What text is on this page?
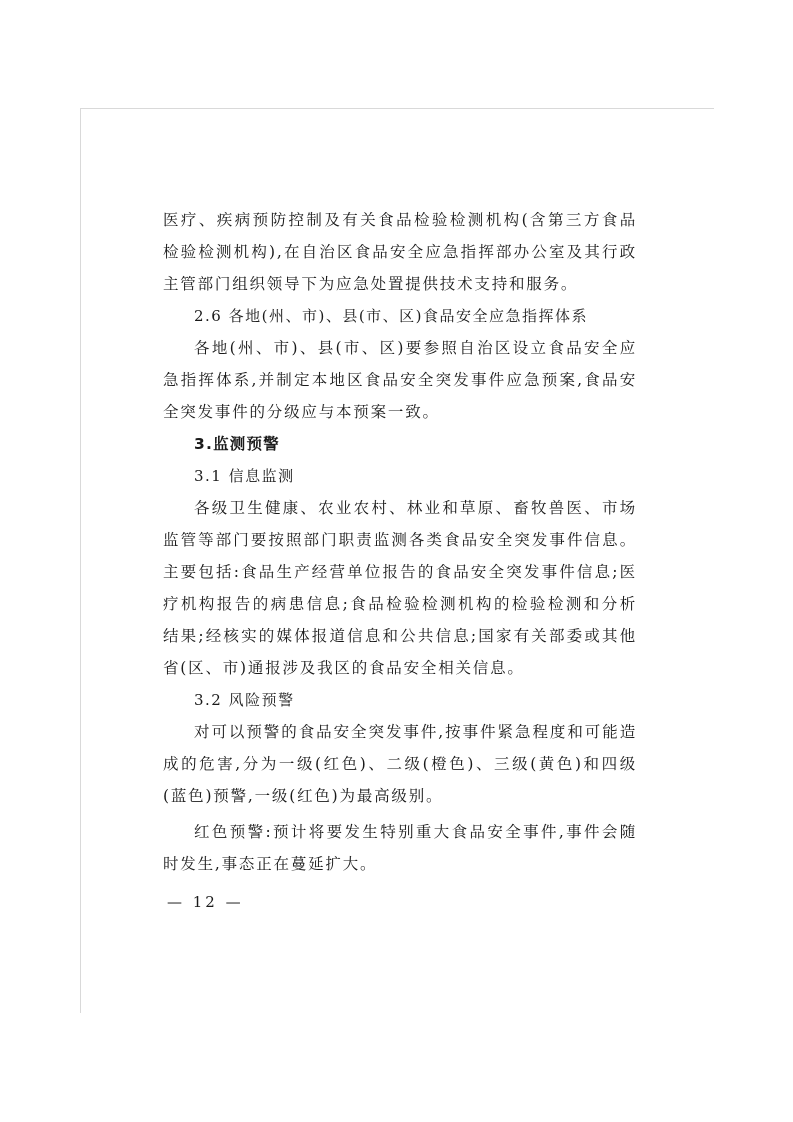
医疗、疾病预防控制及有关食品检验检测机构(含第三方食品检验检测机构),在自治区食品安全应急指挥部办公室及其行政主管部门组织领导下为应急处置提供技术支持和服务。

2.6 各地(州、市)、县(市、区)食品安全应急指挥体系

各地(州、市)、县(市、区)要参照自治区设立食品安全应急指挥体系,并制定本地区食品安全突发事件应急预案,食品安全突发事件的分级应与本预案一致。

3.监测预警

3.1 信息监测

各级卫生健康、农业农村、林业和草原、畜牧兽医、市场监管等部门要按照部门职责监测各类食品安全突发事件信息。主要包括:食品生产经营单位报告的食品安全突发事件信息;医疗机构报告的病患信息;食品检验检测机构的检验检测和分析结果;经核实的媒体报道信息和公共信息;国家有关部委或其他省(区、市)通报涉及我区的食品安全相关信息。

3.2 风险预警

对可以预警的食品安全突发事件,按事件紧急程度和可能造成的危害,分为一级(红色)、二级(橙色)、三级(黄色)和四级(蓝色)预警,一级(红色)为最高级别。

红色预警:预计将要发生特别重大食品安全事件,事件会随时发生,事态正在蔓延扩大。

— 12 —
